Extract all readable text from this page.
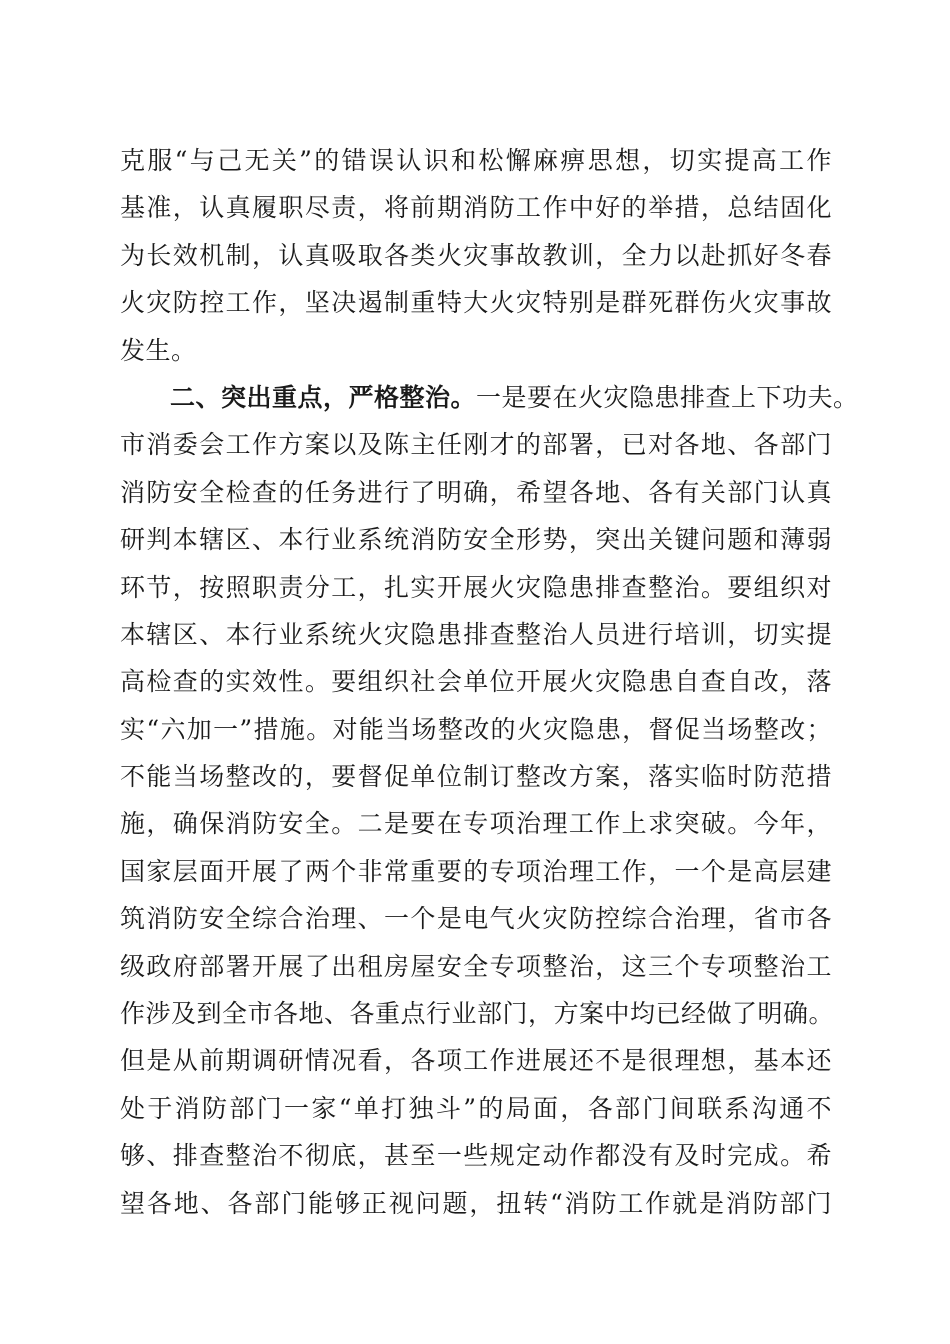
克服“与己无关”的错误认识和松懈麻痹思想，切实提高工作
基准，认真履职尽责，将前期消防工作中好的举措，总结固化
为长效机制，认真吸取各类火灾事故教训，全力以赴抓好冬春
火灾防控工作，坚决遏制重特大火灾特别是群死群伤火灾事故
发生。
二、突出重点，严格整治。一是要在火灾隐患排查上下功夫。
市消委会工作方案以及陈主任刚才的部署，已对各地、各部门
消防安全检查的任务进行了明确，希望各地、各有关部门认真
研判本辖区、本行业系统消防安全形势，突出关键问题和薄弱
环节，按照职责分工，扎实开展火灾隐患排查整治。要组织对
本辖区、本行业系统火灾隐患排查整治人员进行培训，切实提
高检查的实效性。要组织社会单位开展火灾隐患自查自改，落
实“六加一”措施。对能当场整改的火灾隐患，督促当场整改；
不能当场整改的，要督促单位制订整改方案，落实临时防范措
施，确保消防安全。二是要在专项治理工作上求突破。今年，
国家层面开展了两个非常重要的专项治理工作，一个是高层建
筑消防安全综合治理、一个是电气火灾防控综合治理，省市各
级政府部署开展了出租房屋安全专项整治，这三个专项整治工
作涉及到全市各地、各重点行业部门，方案中均已经做了明确。
但是从前期调研情况看，各项工作进展还不是很理想，基本还
处于消防部门一家“单打独斗”的局面，各部门间联系沟通不
够、排查整治不彻底，甚至一些规定动作都没有及时完成。希
望各地、各部门能够正视问题，扭转“消防工作就是消防部门
